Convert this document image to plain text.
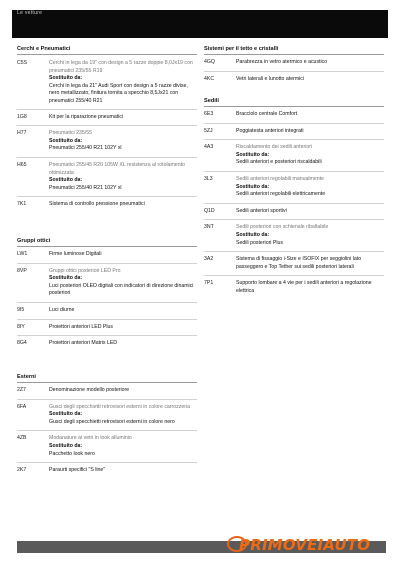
Le vetture
Cerchi e Pneumatici
C5S	Cerchi in lega da 19" con design a 5 razze doppie 8,0Jx19 con pneumatici 235/55 R19
Sostituito da:
Cerchi in lega da 21" Audi Sport con design a 5 razze divise, nero metallizzato, finitura tornita a specchio 8,5Jx21 con pneumatici 255/40 R21
1G8	Kit per la riparazione pneumatici
H77	Pneumatici 235/55
Sostituito da:
Pneumatici 255/40 R21 102Y xl
H65	Pneumatici 255/45 R20 105W XL resistenza al rotolamento ottimizzata
Sostituito da:
Pneumatici 255/40 R21 102Y xl
7K1	Sistema di controllo pressione pneumatici
Gruppi ottici
LW1	Firme luminose Digitali
8VP	Gruppi ottici posteriori LED Pro
Sostituito da:
Luci posteriori OLED digitali con indicatori di direzione dinamici posteriori
9I5	Luci diurne
8IY	Proiettori anteriori LED Plus
8G4	Proiettori anteriori Matrix LED
Esterni
2Z7	Denominazione modello posteriore
6FA	Gusci degli specchietti retrovisori esterni in colore carrozzeria
Sostituito da:
Gusci degli specchietti retrovisori esterni in colore nero
4ZB	Modanature ai vetri in look alluminio
Sostituito da:
Pacchetto look nero
2K7	Paraurti specifici "S line"
Sistemi per il tetto e cristalli
4GQ	Parabrezza in vetro atermico e acustico
4KC	Vetri laterali e lunotto atermici
Sedili
6E3	Bracciolo centrale Comfort
5ZJ	Poggiatesta anteriori integrati
4A3	Riscaldamento dei sedili anteriori
Sostituito da:
Sedili anteriori e posteriori riscaldabili
3L3	Sedili anteriori regolabili manualmente
Sostituito da:
Sedili anteriori regolabili elettricamente
Q1D	Sedili anteriori sportivi
3NT	Sedili posteriori con schienale ribaltabile
Sostituito da:
Sedili posteriori Plus
3A2	Sistema di fissaggio i-Size e ISOFIX per seggiolini lato passeggero e Top Tether sui sedili posteriori laterali
7P1	Supporto lombare a 4 vie per i sedili anteriori a regolazione elettrica
PRIMOVEIAUTO
